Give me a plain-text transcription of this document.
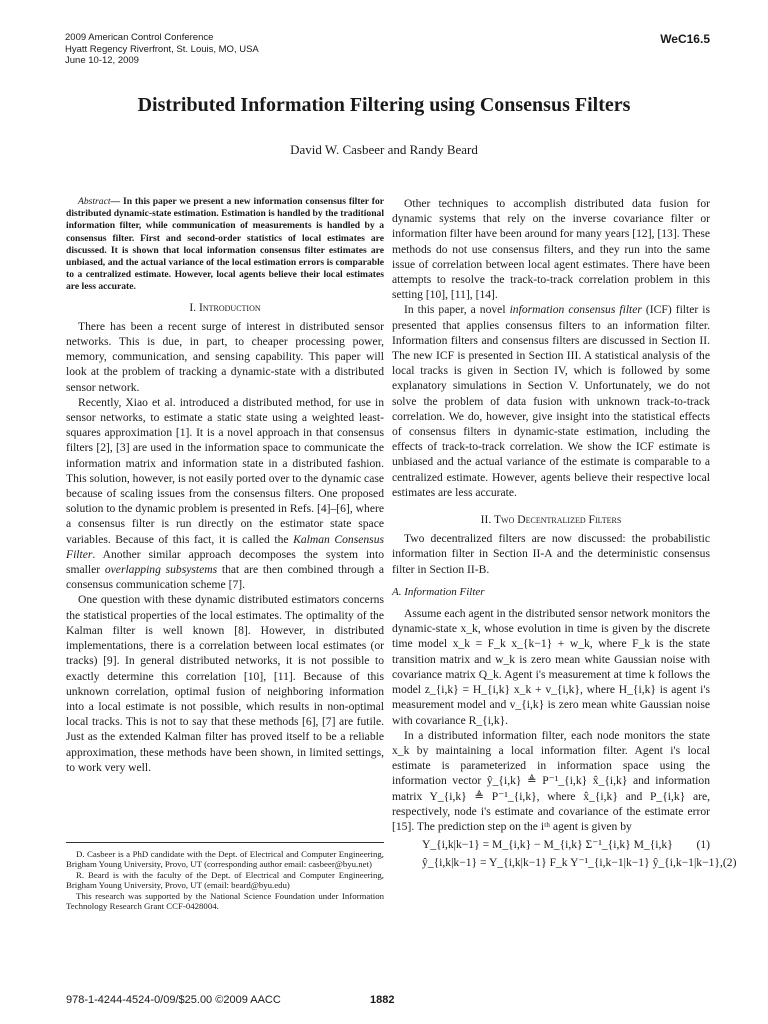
2009 American Control Conference
Hyatt Regency Riverfront, St. Louis, MO, USA
June 10-12, 2009
WeC16.5
Distributed Information Filtering using Consensus Filters
David W. Casbeer and Randy Beard

Abstract— In this paper we present a new information consensus filter for distributed dynamic-state estimation. Estimation is handled by the traditional information filter, while communication of measurements is handled by a consensus filter. First and second-order statistics of local estimates are discussed. It is shown that local information consensus filter estimates are unbiased, and the actual variance of the local estimation errors is comparable to a centralized estimate. However, local agents believe their local estimates are less accurate.

I. Introduction

There has been a recent surge of interest in distributed sensor networks. This is due, in part, to cheaper processing power, memory, communication, and sensing capability. This paper will look at the problem of tracking a dynamic-state with a distributed sensor network.

Recently, Xiao et al. introduced a distributed method, for use in sensor networks, to estimate a static state using a weighted least-squares approximation [1]. It is a novel approach in that consensus filters [2], [3] are used in the information space to communicate the information matrix and information state in a distributed fashion. This solution, however, is not easily ported over to the dynamic case because of scaling issues from the consensus filters. One proposed solution to the dynamic problem is presented in Refs. [4]–[6], where a consensus filter is run directly on the estimator state space variables. Because of this fact, it is called the Kalman Consensus Filter. Another similar approach decomposes the system into smaller overlapping subsystems that are then combined through a consensus communication scheme [7].

One question with these dynamic distributed estimators concerns the statistical properties of the local estimates. The optimality of the Kalman filter is well known [8]. However, in distributed implementations, there is a correlation between local estimates (or tracks) [9]. In general distributed networks, it is not possible to exactly determine this correlation [10], [11]. Because of this unknown correlation, optimal fusion of neighboring information into a local estimate is not possible, which results in non-optimal local tracks. This is not to say that these methods [6], [7] are futile. Just as the extended Kalman filter has proved itself to be a reliable approximation, these methods have been shown, in limited settings, to work very well.

D. Casbeer is a PhD candidate with the Dept. of Electrical and Computer Engineering, Brigham Young University, Provo, UT (corresponding author email: casbeer@byu.net)

R. Beard is with the faculty of the Dept. of Electrical and Computer Engineering, Brigham Young University, Provo, UT (email: beard@byu.edu)

This research was supported by the National Science Foundation under Information Technology Research Grant CCF-0428004.

Other techniques to accomplish distributed data fusion for dynamic systems that rely on the inverse covariance filter or information filter have been around for many years [12], [13]. These methods do not use consensus filters, and they run into the same issue of correlation between local agent estimates. There have been attempts to resolve the track-to-track correlation problem in this setting [10], [11], [14].

In this paper, a novel information consensus filter (ICF) filter is presented that applies consensus filters to an information filter. Information filters and consensus filters are discussed in Section II. The new ICF is presented in Section III. A statistical analysis of the local tracks is given in Section IV, which is followed by some explanatory simulations in Section V. Unfortunately, we do not solve the problem of data fusion with unknown track-to-track correlation. We do, however, give insight into the statistical effects of consensus filters in dynamic-state estimation, including the effects of track-to-track correlation. We show the ICF estimate is unbiased and the actual variance of the estimate is comparable to a centralized estimate. However, agents believe their respective local estimates are less accurate.

II. Two Decentralized Filters

Two decentralized filters are now discussed: the probabilistic information filter in Section II-A and the deterministic consensus filter in Section II-B.

A. Information Filter

Assume each agent in the distributed sensor network monitors the dynamic-state x_k, whose evolution in time is given by the discrete time model x_k = F_k x_{k−1} + w_k, where F_k is the state transition matrix and w_k is zero mean white Gaussian noise with covariance matrix Q_k. Agent i's measurement at time k follows the model z_{i,k} = H_{i,k} x_k + v_{i,k}, where H_{i,k} is agent i's measurement model and v_{i,k} is zero mean white Gaussian noise with covariance R_{i,k}.

In a distributed information filter, each node monitors the state x_k by maintaining a local information filter. Agent i's local estimate is parameterized in information space using the information vector ŷ_{i,k} ≜ P⁻¹_{i,k} x̂_{i,k} and information matrix Y_{i,k} ≜ P⁻¹_{i,k}, where x̂_{i,k} and P_{i,k} are, respectively, node i's estimate and covariance of the estimate error [15]. The prediction step on the iᵗʰ agent is given by

Y_{i,k|k−1} = M_{i,k} − M_{i,k} Σ⁻¹_{i,k} M_{i,k} (1)
ŷ_{i,k|k−1} = Y_{i,k|k−1} F_k Y⁻¹_{i,k−1|k−1} ŷ_{i,k−1|k−1}, (2)
978-1-4244-4524-0/09/$25.00 ©2009 AACC	1882
